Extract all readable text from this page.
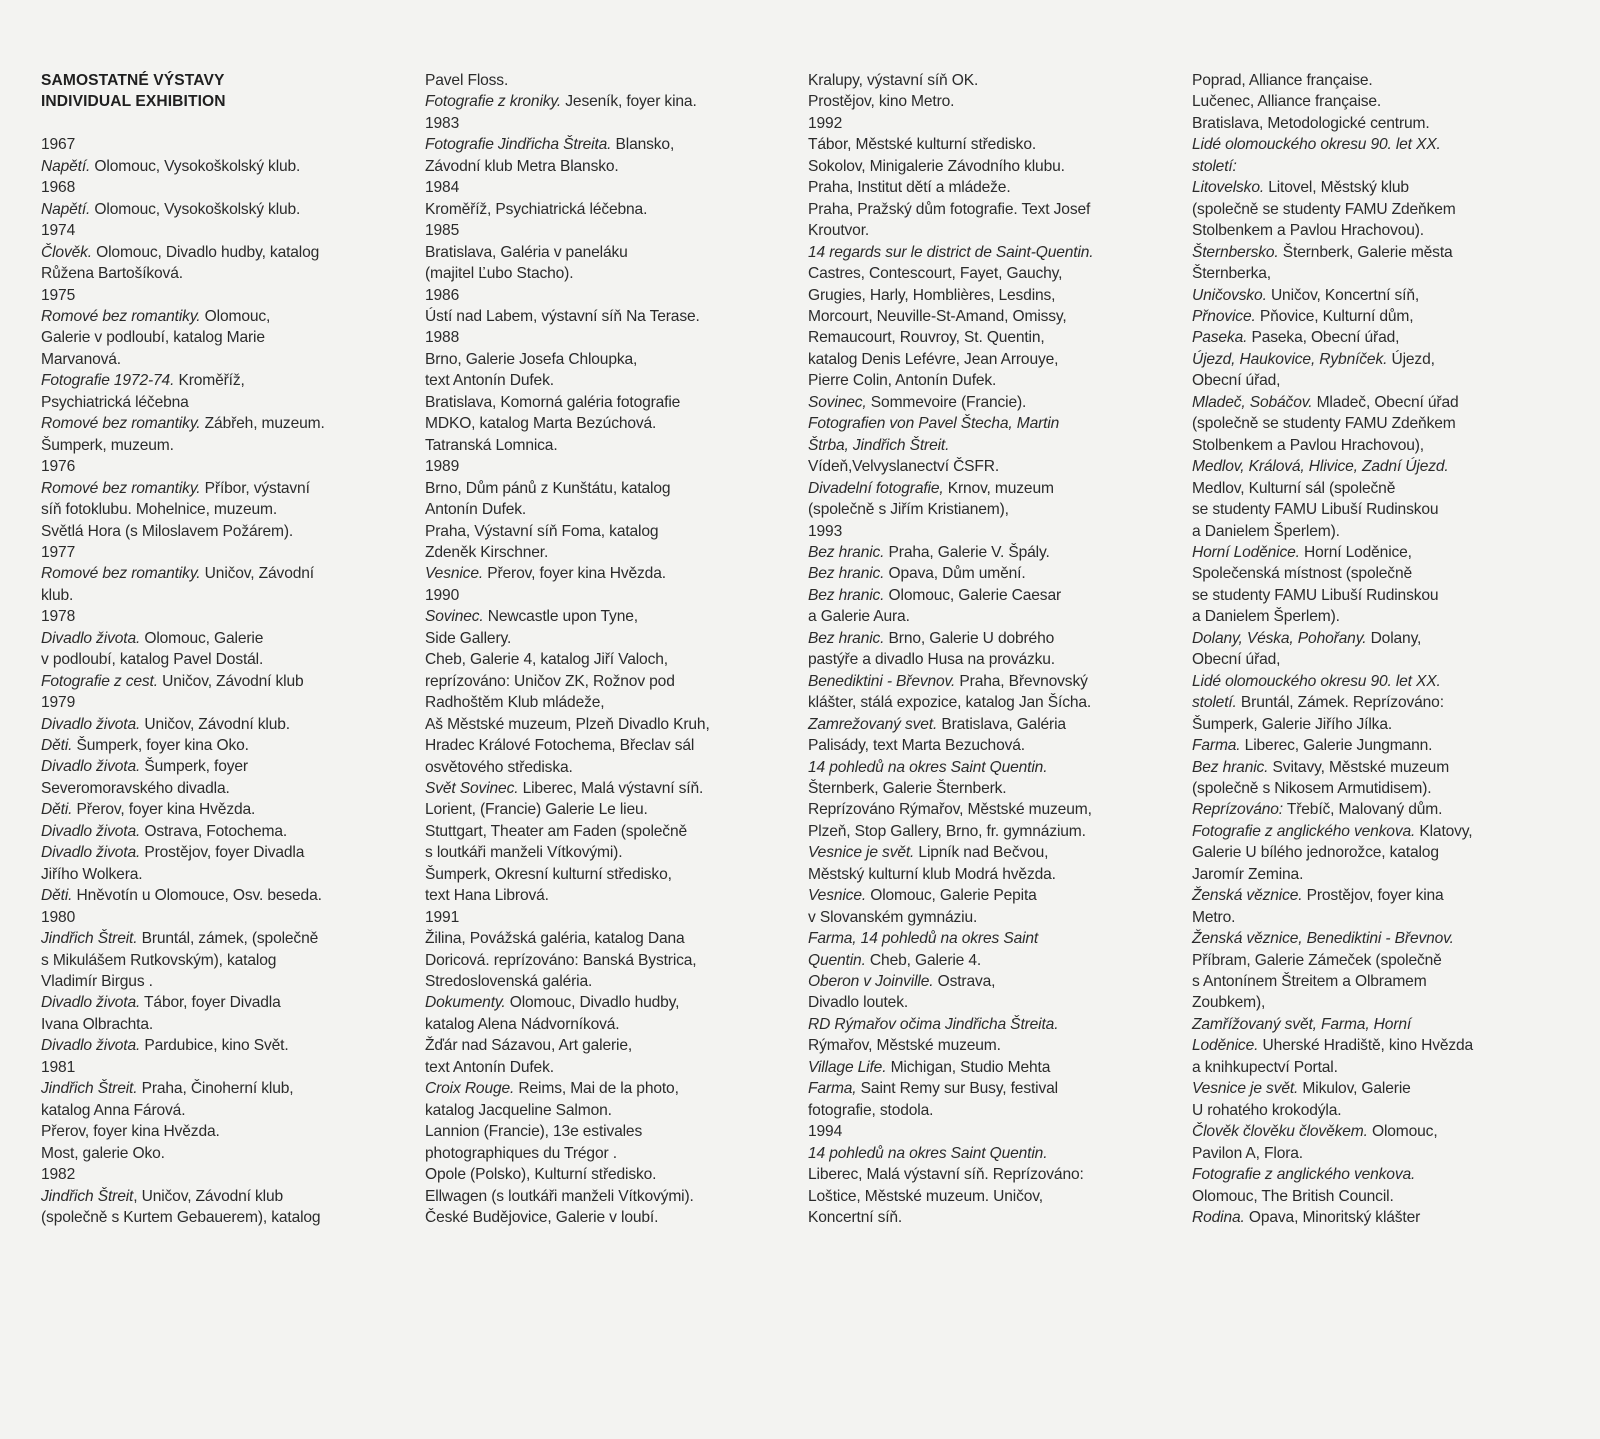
SAMOSTATNÉ VÝSTAVY
INDIVIDUAL EXHIBITION
1967
Napětí. Olomouc, Vysokoškolský klub.
1968
Napětí. Olomouc, Vysokoškolský klub.
1974
Člověk. Olomouc, Divadlo hudby, katalog
Růžena Bartošíková.
1975
Romové bez romantiky. Olomouc,
Galerie v podloubí, katalog Marie
Marvanová.
Fotografie 1972-74. Kroměříž,
Psychiatrická léčebna
Romové bez romantiky. Zábřeh, muzeum.
Šumperk, muzeum.
1976
Romové bez romantiky. Příbor, výstavní
síň fotoklubu. Mohelnice, muzeum.
Světlá Hora (s Miloslavem Požárem).
1977
Romové bez romantiky. Uničov, Závodní
klub.
1978
Divadlo života. Olomouc, Galerie
v podloubí, katalog Pavel Dostál.
Fotografie z cest. Uničov, Závodní klub
1979
Divadlo života. Uničov, Závodní klub.
Děti. Šumperk, foyer kina Oko.
Divadlo života. Šumperk, foyer
Severomoravského divadla.
Děti. Přerov, foyer kina Hvězda.
Divadlo života. Ostrava, Fotochema.
Divadlo života. Prostějov, foyer Divadla
Jiřího Wolkera.
Děti. Hněvotín u Olomouce, Osv. beseda.
1980
Jindřich Štreit. Bruntál, zámek, (společně
s Mikulášem Rutkovským), katalog
Vladimír Birgus .
Divadlo života. Tábor, foyer Divadla
Ivana Olbrachta.
Divadlo života. Pardubice, kino Svět.
1981
Jindřich Štreit. Praha, Činoherní klub,
katalog Anna Fárová.
Přerov, foyer kina Hvězda.
Most, galerie Oko.
1982
Jindřich Štreit, Uničov, Závodní klub
(společně s Kurtem Gebauerem), katalog
Pavel Floss.
Fotografie z kroniky. Jeseník, foyer kina.
1983
Fotografie Jindřicha Štreita. Blansko,
Závodní klub Metra Blansko.
1984
Kroměříž, Psychiatrická léčebna.
1985
Bratislava, Galéria v paneláku
(majitel Ľubo Stacho).
1986
Ústí nad Labem, výstavní síň Na Terase.
1988
Brno, Galerie Josefa Chloupka,
text Antonín Dufek.
Bratislava, Komorná galéria fotografie
MDKO, katalog Marta Bezúchová.
Tatranská Lomnica.
1989
Brno, Dům pánů z Kunštátu, katalog
Antonín Dufek.
Praha, Výstavní síň Foma, katalog
Zdeněk Kirschner.
Vesnice. Přerov, foyer kina Hvězda.
1990
Sovinec. Newcastle upon Tyne,
Side Gallery.
Cheb, Galerie 4, katalog Jiří Valoch,
reprízováno: Uničov ZK, Rožnov pod
Radhoštěm Klub mládeže,
Aš Městské muzeum, Plzeň Divadlo Kruh,
Hradec Králové Fotochema, Břeclav sál
osvětového střediska.
Svět Sovinec. Liberec, Malá výstavní síň.
Lorient, (Francie) Galerie Le lieu.
Stuttgart, Theater am Faden (společně
s loutkáři manželi Vítkovými).
Šumperk, Okresní kulturní středisko,
text Hana Librová.
1991
Žilina, Povážská galéria, katalog Dana
Doricová. reprízováno: Banská Bystrica,
Stredoslovenská galéria.
Dokumenty. Olomouc, Divadlo hudby,
katalog Alena Nádvorníková.
Žďár nad Sázavou, Art galerie,
text Antonín Dufek.
Croix Rouge. Reims, Mai de la photo,
katalog Jacqueline Salmon.
Lannion (Francie), 13e estivales
photographiques du Trégor .
Opole (Polsko), Kulturní středisko.
Ellwagen (s loutkáři manželi Vítkovými).
České Budějovice, Galerie v loubí.
Kralupy, výstavní síň OK.
Prostějov, kino Metro.
1992
Tábor, Městské kulturní středisko.
Sokolov, Minigalerie Závodního klubu.
Praha, Institut dětí a mládeže.
Praha, Pražský dům fotografie. Text Josef
Kroutvor.
14 regards sur le district de Saint-Quentin.
Castres, Contescourt, Fayet, Gauchy,
Grugies, Harly, Homblières, Lesdins,
Morcourt, Neuville-St-Amand, Omissy,
Remaucourt, Rouvroy, St. Quentin,
katalog Denis Lefévre, Jean Arrouye,
Pierre Colin, Antonín Dufek.
Sovinec, Sommevoire (Francie).
Fotografien von Pavel Štecha, Martin
Štrba, Jindřich Štreit.
Vídeň,Velvyslanectví ČSFR.
Divadelní fotografie, Krnov, muzeum
(společně s Jiřím Kristianem),
1993
Bez hranic. Praha, Galerie V. Špály.
Bez hranic. Opava, Dům umění.
Bez hranic. Olomouc, Galerie Caesar
a Galerie Aura.
Bez hranic. Brno, Galerie U dobrého
pastýře a divadlo Husa na provázku.
Benediktini - Břevnov. Praha, Břevnovský
klášter, stálá expozice, katalog Jan Šícha.
Zamrežovaný svet. Bratislava, Galéria
Palisády, text Marta Bezuchová.
14 pohledů na okres Saint Quentin.
Šternberk, Galerie Šternberk.
Reprízováno Rýmařov, Městské muzeum,
Plzeň, Stop Gallery, Brno, fr. gymnázium.
Vesnice je svět. Lipník nad Bečvou,
Městský kulturní klub Modrá hvězda.
Vesnice. Olomouc, Galerie Pepita
v Slovanském gymnáziu.
Farma, 14 pohledů na okres Saint
Quentin. Cheb, Galerie 4.
Oberon v Joinville. Ostrava,
Divadlo loutek.
RD Rýmařov očima Jindřicha Štreita.
Rýmařov, Městské muzeum.
Village Life. Michigan, Studio Mehta
Farma, Saint Remy sur Busy, festival
fotografie, stodola.
1994
14 pohledů na okres Saint Quentin.
Liberec, Malá výstavní síň. Reprízováno:
Loštice, Městské muzeum. Uničov,
Koncertní síň.
Poprad, Alliance française.
Lučenec, Alliance française.
Bratislava, Metodologické centrum.
Lidé olomouckého okresu 90. let XX.
století:
Litovelsko. Litovel, Městský klub
(společně se studenty FAMU Zdeňkem
Stolbenkem a Pavlou Hrachovou).
Šternbersko. Šternberk, Galerie města
Šternberka,
Uničovsko. Uničov, Koncertní síň,
Přnovice. Pňovice, Kulturní dům,
Paseka. Paseka, Obecní úřad,
Újezd, Haukovice, Rybníček. Újezd,
Obecní úřad,
Mladeč, Sobáčov. Mladeč, Obecní úřad
(společně se studenty FAMU Zdeňkem
Stolbenkem a Pavlou Hrachovou),
Medlov, Králová, Hlivice, Zadní Újezd.
Medlov, Kulturní sál (společně
se studenty FAMU Libuší Rudinskou
a Danielem Šperlem).
Horní Loděnice. Horní Loděnice,
Společenská místnost (společně
se studenty FAMU Libuší Rudinskou
a Danielem Šperlem).
Dolany, Véska, Pohořany. Dolany,
Obecní úřad,
Lidé olomouckého okresu 90. let XX.
století. Bruntál, Zámek. Reprízováno:
Šumperk, Galerie Jiřího Jílka.
Farma. Liberec, Galerie Jungmann.
Bez hranic. Svitavy, Městské muzeum
(společně s Nikosem Armutidisem).
Reprízováno: Třebíč, Malovaný dům.
Fotografie z anglického venkova. Klatovy,
Galerie U bílého jednorožce, katalog
Jaromír Zemina.
Ženská věznice. Prostějov, foyer kina
Metro.
Ženská věznice, Benediktini - Břevnov.
Příbram, Galerie Zámeček (společně
s Antonínem Štreitem a Olbramem
Zoubkem),
Zamřížovaný svět, Farma, Horní
Loděnice. Uherské Hradiště, kino Hvězda
a knihkupectví Portal.
Vesnice je svět. Mikulov, Galerie
U rohatého krokodýla.
Člověk člověku člověkem. Olomouc,
Pavilon A, Flora.
Fotografie z anglického venkova.
Olomouc, The British Council.
Rodina. Opava, Minoritský klášter
